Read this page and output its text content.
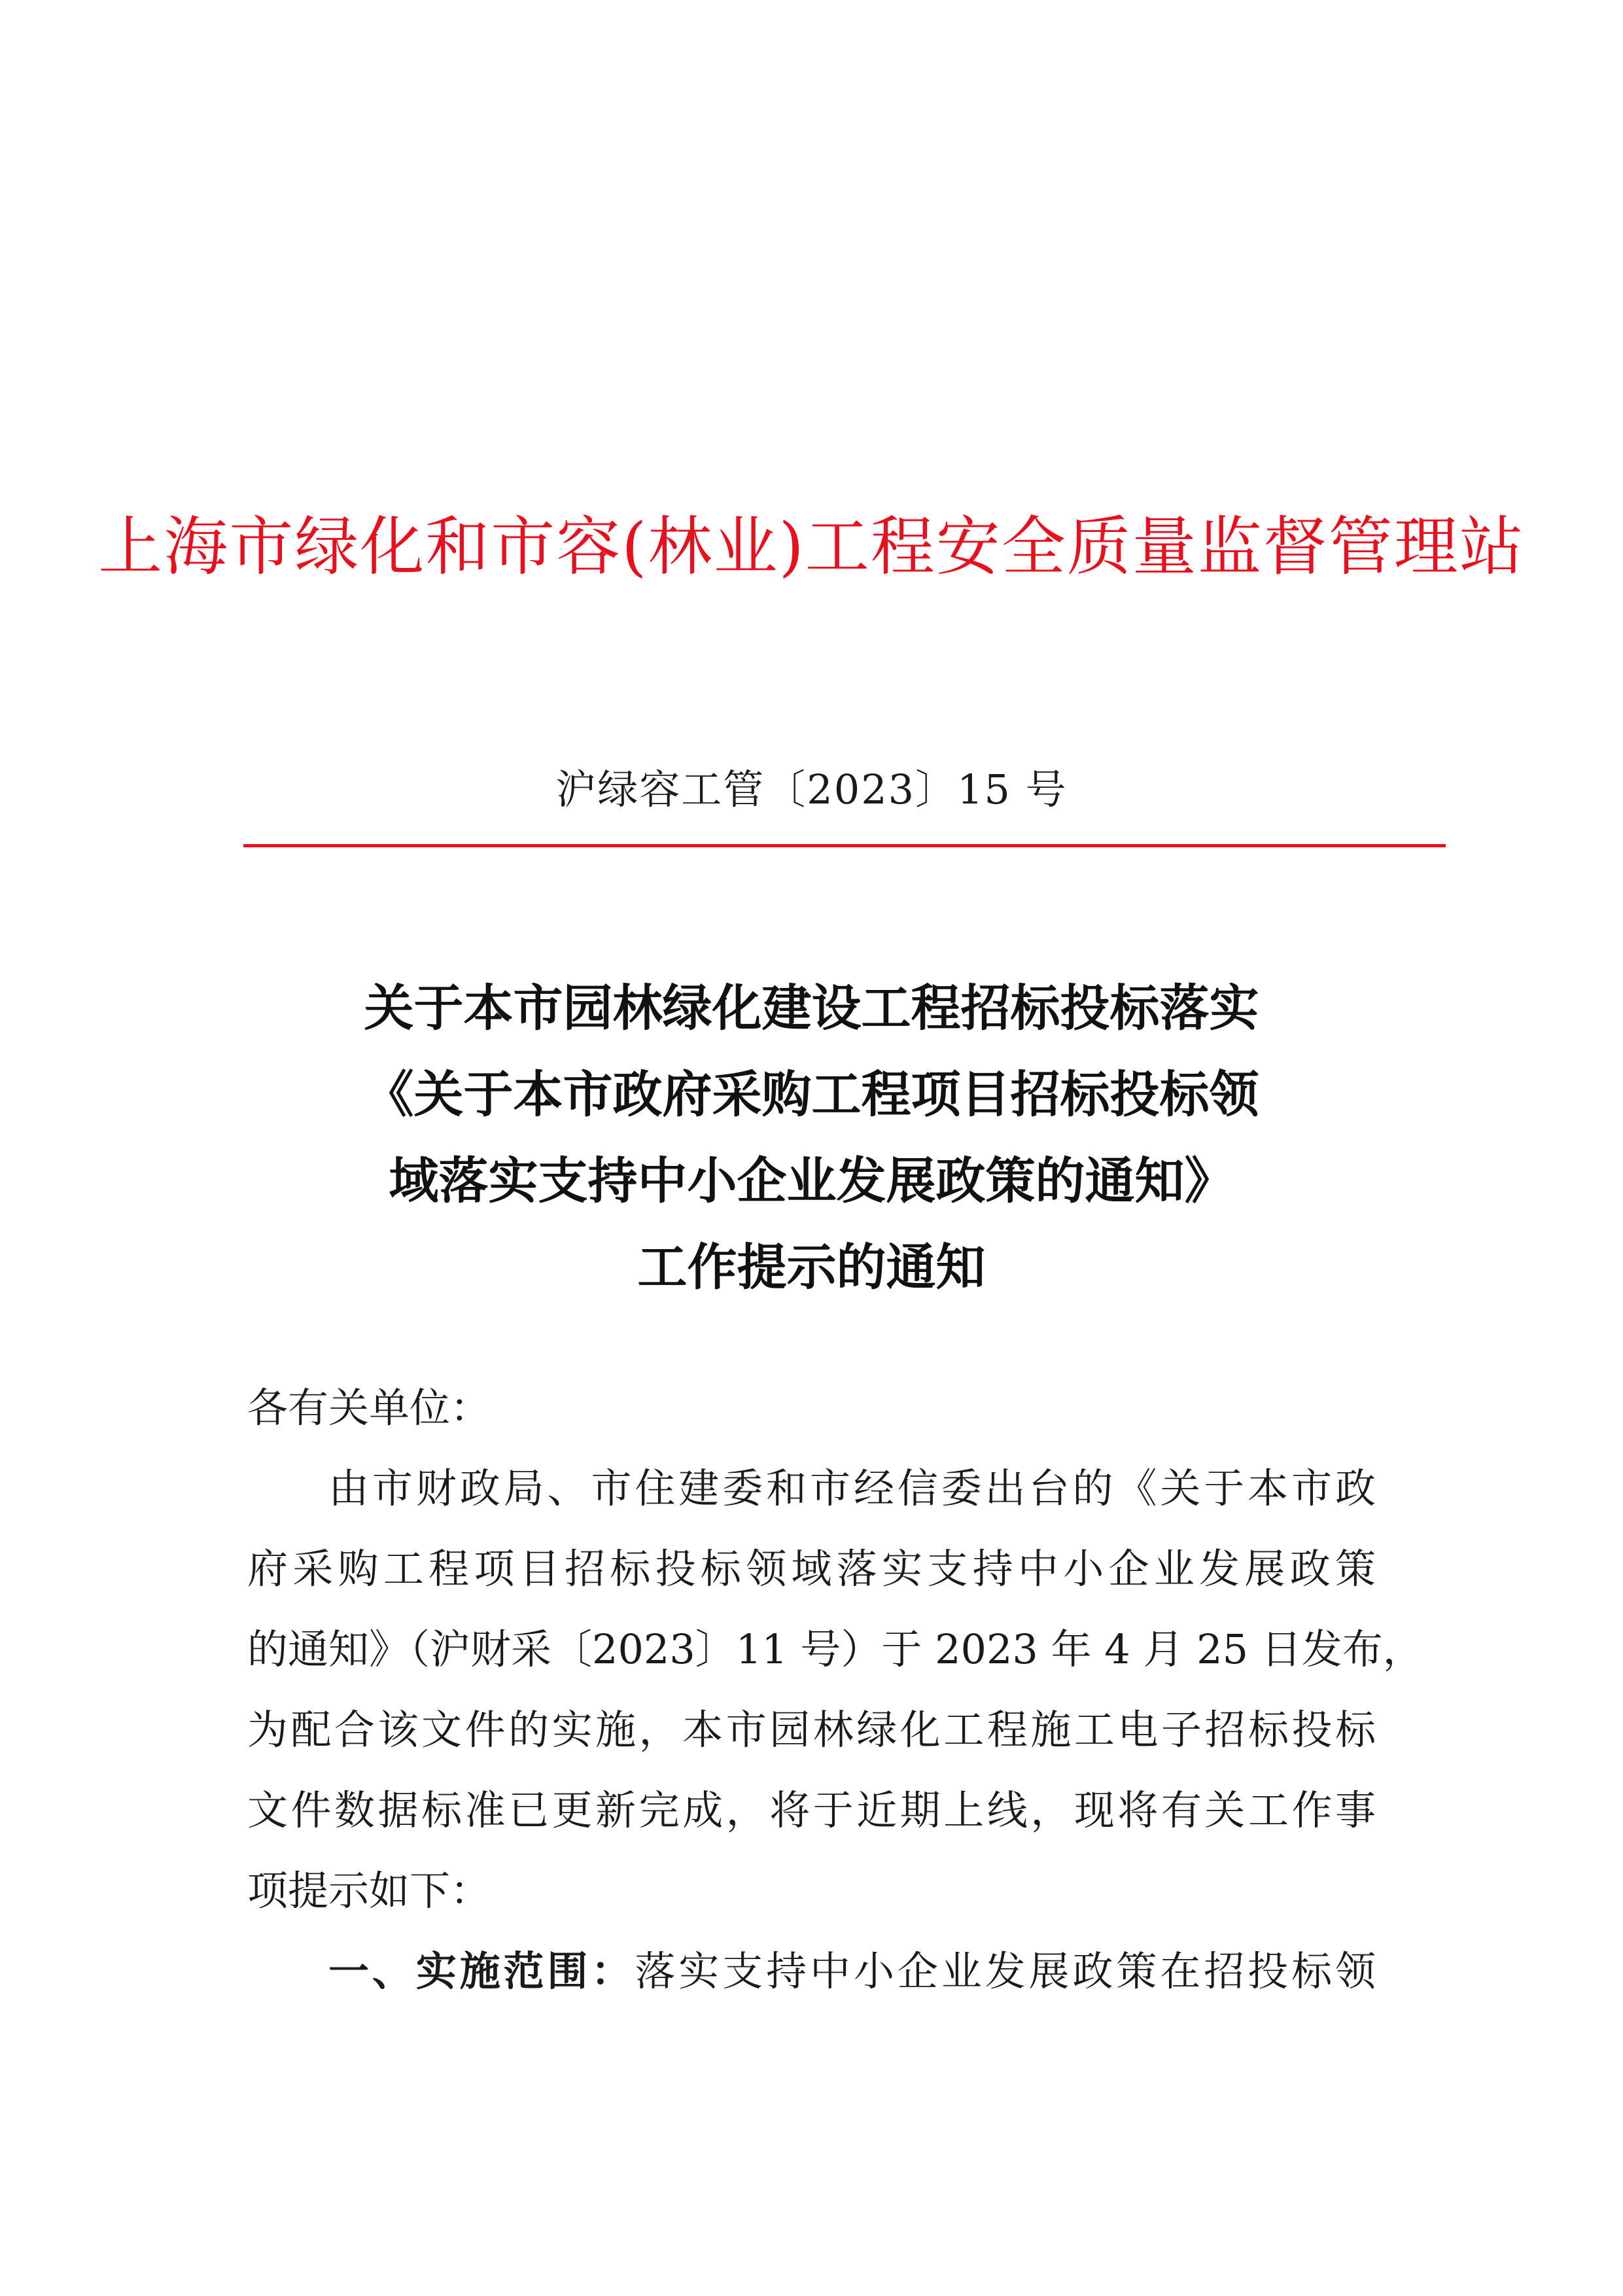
上海市绿化和市容(林业)工程安全质量监督管理站
沪绿容工管〔2023〕15 号
关于本市园林绿化建设工程招标投标落实
《关于本市政府采购工程项目招标投标领
域落实支持中小企业发展政策的通知》
工作提示的通知
各有关单位：
由市财政局、市住建委和市经信委出台的《关于本市政
府采购工程项目招标投标领域落实支持中小企业发展政策
的通知》（沪财采〔2023〕11 号）于 2023 年 4 月 25 日发布，
为配合该文件的实施，本市园林绿化工程施工电子招标投标
文件数据标准已更新完成，将于近期上线，现将有关工作事
项提示如下：
一、实施范围：落实支持中小企业发展政策在招投标领
